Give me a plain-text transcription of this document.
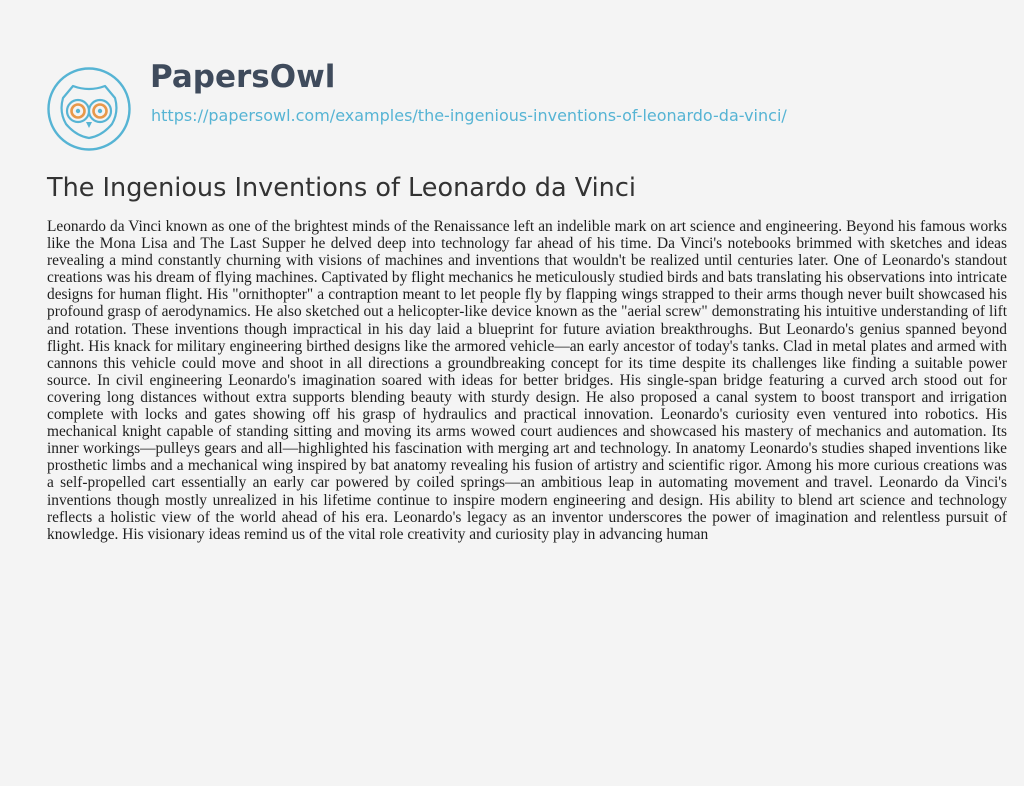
PapersOwl
https://papersowl.com/examples/the-ingenious-inventions-of-leonardo-da-vinci/
The Ingenious Inventions of Leonardo da Vinci

Leonardo da Vinci known as one of the brightest minds of the Renaissance left an indelible mark on art science and engineering. Beyond his famous works like the Mona Lisa and The Last Supper he delved deep into technology far ahead of his time. Da Vinci's notebooks brimmed with sketches and ideas revealing a mind constantly churning with visions of machines and inventions that wouldn't be realized until centuries later. One of Leonardo's standout creations was his dream of flying machines. Captivated by flight mechanics he meticulously studied birds and bats translating his observations into intricate designs for human flight. His "ornithopter" a contraption meant to let people fly by flapping wings strapped to their arms though never built showcased his profound grasp of aerodynamics. He also sketched out a helicopter-like device known as the "aerial screw" demonstrating his intuitive understanding of lift and rotation. These inventions though impractical in his day laid a blueprint for future aviation breakthroughs. But Leonardo's genius spanned beyond flight. His knack for military engineering birthed designs like the armored vehicle—an early ancestor of today's tanks. Clad in metal plates and armed with cannons this vehicle could move and shoot in all directions a groundbreaking concept for its time despite its challenges like finding a suitable power source. In civil engineering Leonardo's imagination soared with ideas for better bridges. His single-span bridge featuring a curved arch stood out for covering long distances without extra supports blending beauty with sturdy design. He also proposed a canal system to boost transport and irrigation complete with locks and gates showing off his grasp of hydraulics and practical innovation. Leonardo's curiosity even ventured into robotics. His mechanical knight capable of standing sitting and moving its arms wowed court audiences and showcased his mastery of mechanics and automation. Its inner workings—pulleys gears and all—highlighted his fascination with merging art and technology. In anatomy Leonardo's studies shaped inventions like prosthetic limbs and a mechanical wing inspired by bat anatomy revealing his fusion of artistry and scientific rigor. Among his more curious creations was a self-propelled cart essentially an early car powered by coiled springs—an ambitious leap in automating movement and travel. Leonardo da Vinci's inventions though mostly unrealized in his lifetime continue to inspire modern engineering and design. His ability to blend art science and technology reflects a holistic view of the world ahead of his era. Leonardo's legacy as an inventor underscores the power of imagination and relentless pursuit of knowledge. His visionary ideas remind us of the vital role creativity and curiosity play in advancing human
